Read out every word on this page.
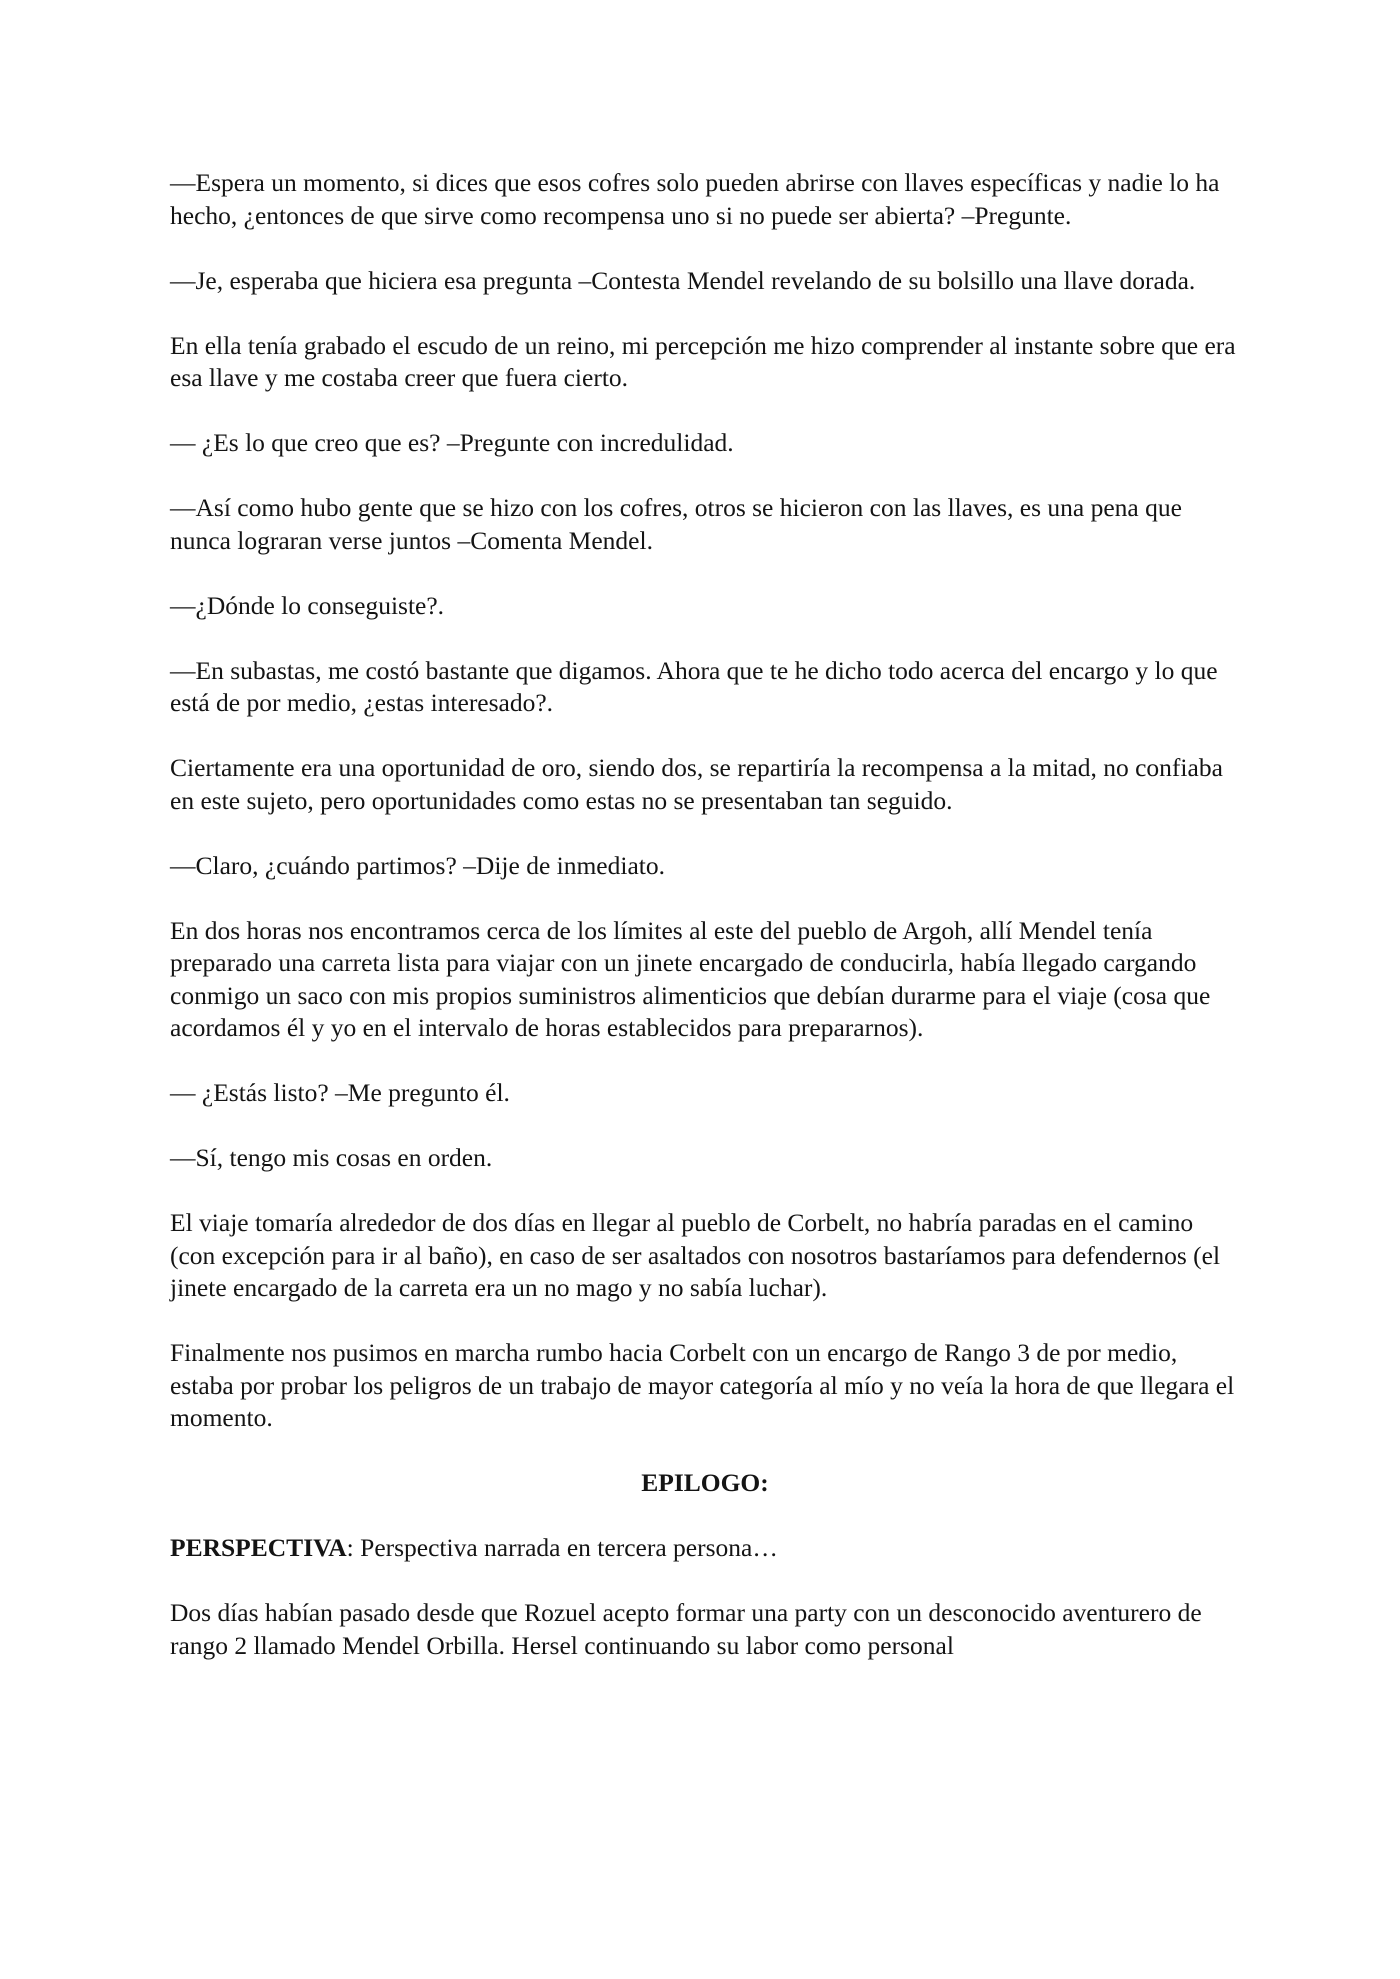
—Espera un momento, si dices que esos cofres solo pueden abrirse con llaves específicas y nadie lo ha hecho, ¿entonces de que sirve como recompensa uno si no puede ser abierta? –Pregunte.

—Je, esperaba que hiciera esa pregunta –Contesta Mendel revelando de su bolsillo una llave dorada.

En ella tenía grabado el escudo de un reino, mi percepción me hizo comprender al instante sobre que era esa llave y me costaba creer que fuera cierto.

— ¿Es lo que creo que es? –Pregunte con incredulidad.

—Así como hubo gente que se hizo con los cofres, otros se hicieron con las llaves, es una pena que nunca lograran verse juntos –Comenta Mendel.

—¿Dónde lo conseguiste?.

—En subastas, me costó bastante que digamos. Ahora que te he dicho todo acerca del encargo y lo que está de por medio, ¿estas interesado?.

Ciertamente era una oportunidad de oro, siendo dos, se repartiría la recompensa a la mitad, no confiaba en este sujeto, pero oportunidades como estas no se presentaban tan seguido.

—Claro, ¿cuándo partimos? –Dije de inmediato.

En dos horas nos encontramos cerca de los límites al este del pueblo de Argoh, allí Mendel tenía preparado una carreta lista para viajar con un jinete encargado de conducirla, había llegado cargando conmigo un saco con mis propios suministros alimenticios que debían durarme para el viaje (cosa que acordamos él y yo en el intervalo de horas establecidos para prepararnos).

— ¿Estás listo? –Me pregunto él.

—Sí, tengo mis cosas en orden.

El viaje tomaría alrededor de dos días en llegar al pueblo de Corbelt, no habría paradas en el camino (con excepción para ir al baño), en caso de ser asaltados con nosotros bastaríamos para defendernos (el jinete encargado de la carreta era un no mago y no sabía luchar).

Finalmente nos pusimos en marcha rumbo hacia Corbelt con un encargo de Rango 3 de por medio, estaba por probar los peligros de un trabajo de mayor categoría al mío y no veía la hora de que llegara el momento.

EPILOGO:

PERSPECTIVA: Perspectiva narrada en tercera persona…

Dos días habían pasado desde que Rozuel acepto formar una party con un desconocido aventurero de rango 2 llamado Mendel Orbilla. Hersel continuando su labor como personal
